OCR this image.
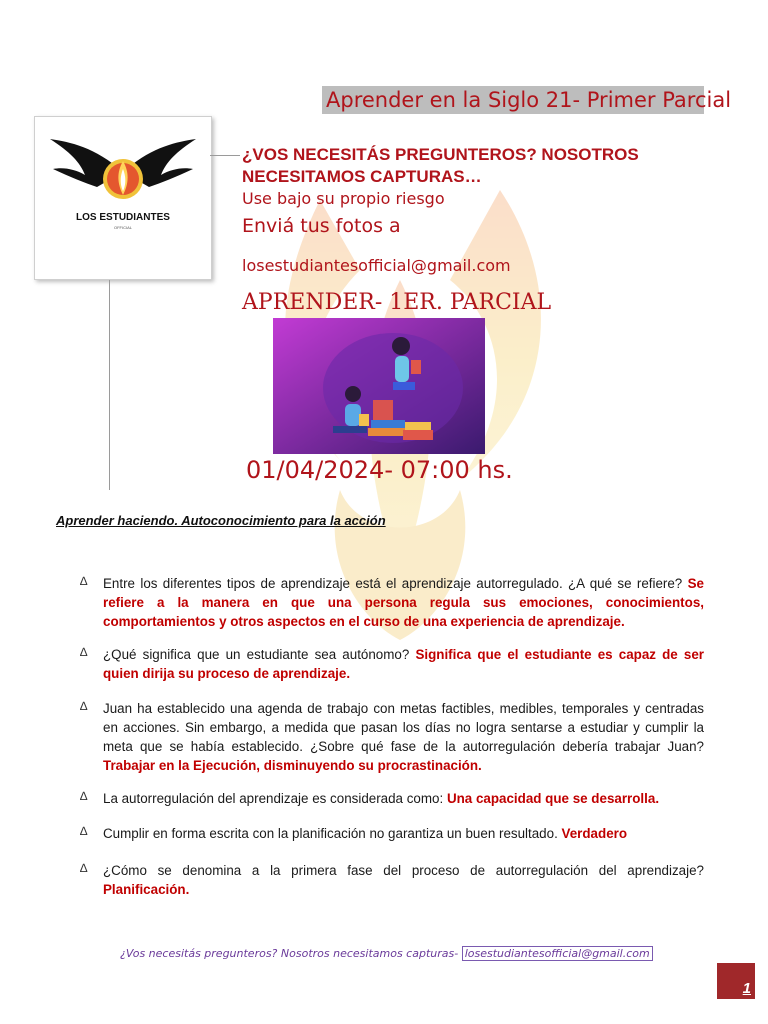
Aprender en la Siglo 21- Primer Parcial
LOS ESTUDIANTES
OFFICIAL
¿VOS NECESITÁS PREGUNTEROS? NOSOTROS NECESITAMOS CAPTURAS…
Use bajo su propio riesgo
Enviá tus fotos a
losestudiantesofficial@gmail.com
APRENDER- 1ER. PARCIAL
01/04/2024- 07:00 hs.
Aprender haciendo. Autoconocimiento para la acción
∆ Entre los diferentes tipos de aprendizaje está el aprendizaje autorregulado. ¿A qué se refiere? Se refiere a la manera en que una persona regula sus emociones, conocimientos, comportamientos y otros aspectos en el curso de una experiencia de aprendizaje.
∆ ¿Qué significa que un estudiante sea autónomo? Significa que el estudiante es capaz de ser quien dirija su proceso de aprendizaje.
∆ Juan ha establecido una agenda de trabajo con metas factibles, medibles, temporales y centradas en acciones. Sin embargo, a medida que pasan los días no logra sentarse a estudiar y cumplir la meta que se había establecido. ¿Sobre qué fase de la autorregulación debería trabajar Juan? Trabajar en la Ejecución, disminuyendo su procrastinación.
∆ La autorregulación del aprendizaje es considerada como: Una capacidad que se desarrolla.
∆ Cumplir en forma escrita con la planificación no garantiza un buen resultado. Verdadero
∆ ¿Cómo se denomina a la primera fase del proceso de autorregulación del aprendizaje? Planificación.
¿Vos necesitás pregunteros? Nosotros necesitamos capturas- losestudiantesofficial@gmail.com
1
